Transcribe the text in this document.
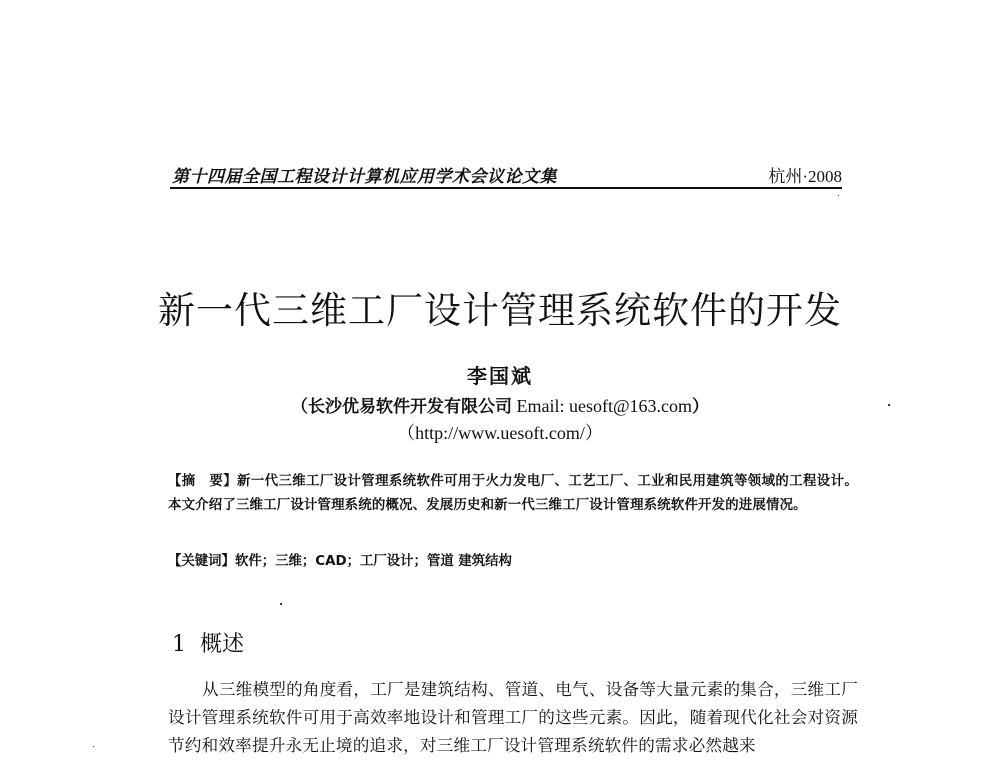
第十四届全国工程设计计算机应用学术会议论文集	杭州·2008
新一代三维工厂设计管理系统软件的开发
李国斌
（长沙优易软件开发有限公司 Email: uesoft@163.com）
（http://www.uesoft.com/）
【摘　要】新一代三维工厂设计管理系统软件可用于火力发电厂、工艺工厂、工业和民用建筑等领域的工程设计。本文介绍了三维工厂设计管理系统的概况、发展历史和新一代三维工厂设计管理系统软件开发的进展情况。
【关键词】软件；三维；CAD；工厂设计；管道 建筑结构
1 概述
从三维模型的角度看，工厂是建筑结构、管道、电气、设备等大量元素的集合，三维工厂设计管理系统软件可用于高效率地设计和管理工厂的这些元素。因此，随着现代化社会对资源节约和效率提升永无止境的追求，对三维工厂设计管理系统软件的需求必然越来
